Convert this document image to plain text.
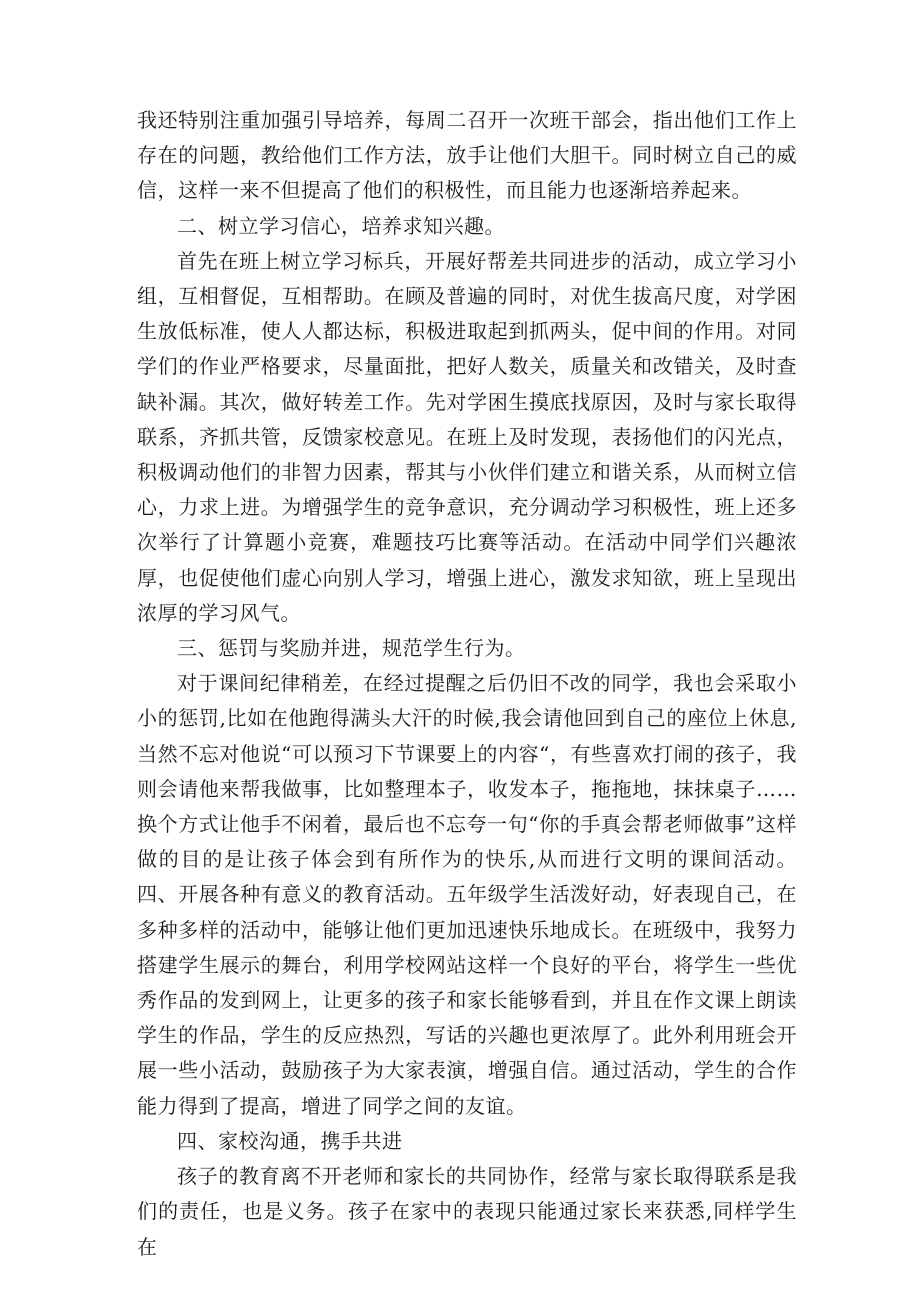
我还特别注重加强引导培养，每周二召开一次班干部会，指出他们工作上存在的问题，教给他们工作方法，放手让他们大胆干。同时树立自己的威信，这样一来不但提高了他们的积极性，而且能力也逐渐培养起来。

二、树立学习信心，培养求知兴趣。

首先在班上树立学习标兵，开展好帮差共同进步的活动，成立学习小组，互相督促，互相帮助。在顾及普遍的同时，对优生拔高尺度，对学困生放低标准，使人人都达标，积极进取起到抓两头，促中间的作用。对同学们的作业严格要求，尽量面批，把好人数关，质量关和改错关，及时查缺补漏。其次，做好转差工作。先对学困生摸底找原因，及时与家长取得联系，齐抓共管，反馈家校意见。在班上及时发现，表扬他们的闪光点，积极调动他们的非智力因素，帮其与小伙伴们建立和谐关系，从而树立信心，力求上进。为增强学生的竞争意识，充分调动学习积极性，班上还多次举行了计算题小竞赛，难题技巧比赛等活动。在活动中同学们兴趣浓厚，也促使他们虚心向别人学习，增强上进心，激发求知欲，班上呈现出浓厚的学习风气。

三、惩罚与奖励并进，规范学生行为。

对于课间纪律稍差，在经过提醒之后仍旧不改的同学，我也会采取小小的惩罚,比如在他跑得满头大汗的时候,我会请他回到自己的座位上休息,当然不忘对他说“可以预习下节课要上的内容“，有些喜欢打闹的孩子，我则会请他来帮我做事，比如整理本子，收发本子，拖拖地，抹抹桌子……换个方式让他手不闲着，最后也不忘夸一句“你的手真会帮老师做事”这样做的目的是让孩子体会到有所作为的快乐,从而进行文明的课间活动。四、开展各种有意义的教育活动。五年级学生活泼好动，好表现自己，在多种多样的活动中，能够让他们更加迅速快乐地成长。在班级中，我努力搭建学生展示的舞台，利用学校网站这样一个良好的平台，将学生一些优秀作品的发到网上，让更多的孩子和家长能够看到，并且在作文课上朗读学生的作品，学生的反应热烈，写话的兴趣也更浓厚了。此外利用班会开展一些小活动，鼓励孩子为大家表演，增强自信。通过活动，学生的合作能力得到了提高，增进了同学之间的友谊。

四、家校沟通，携手共进

孩子的教育离不开老师和家长的共同协作，经常与家长取得联系是我们的责任，也是义务。孩子在家中的表现只能通过家长来获悉,同样学生在
